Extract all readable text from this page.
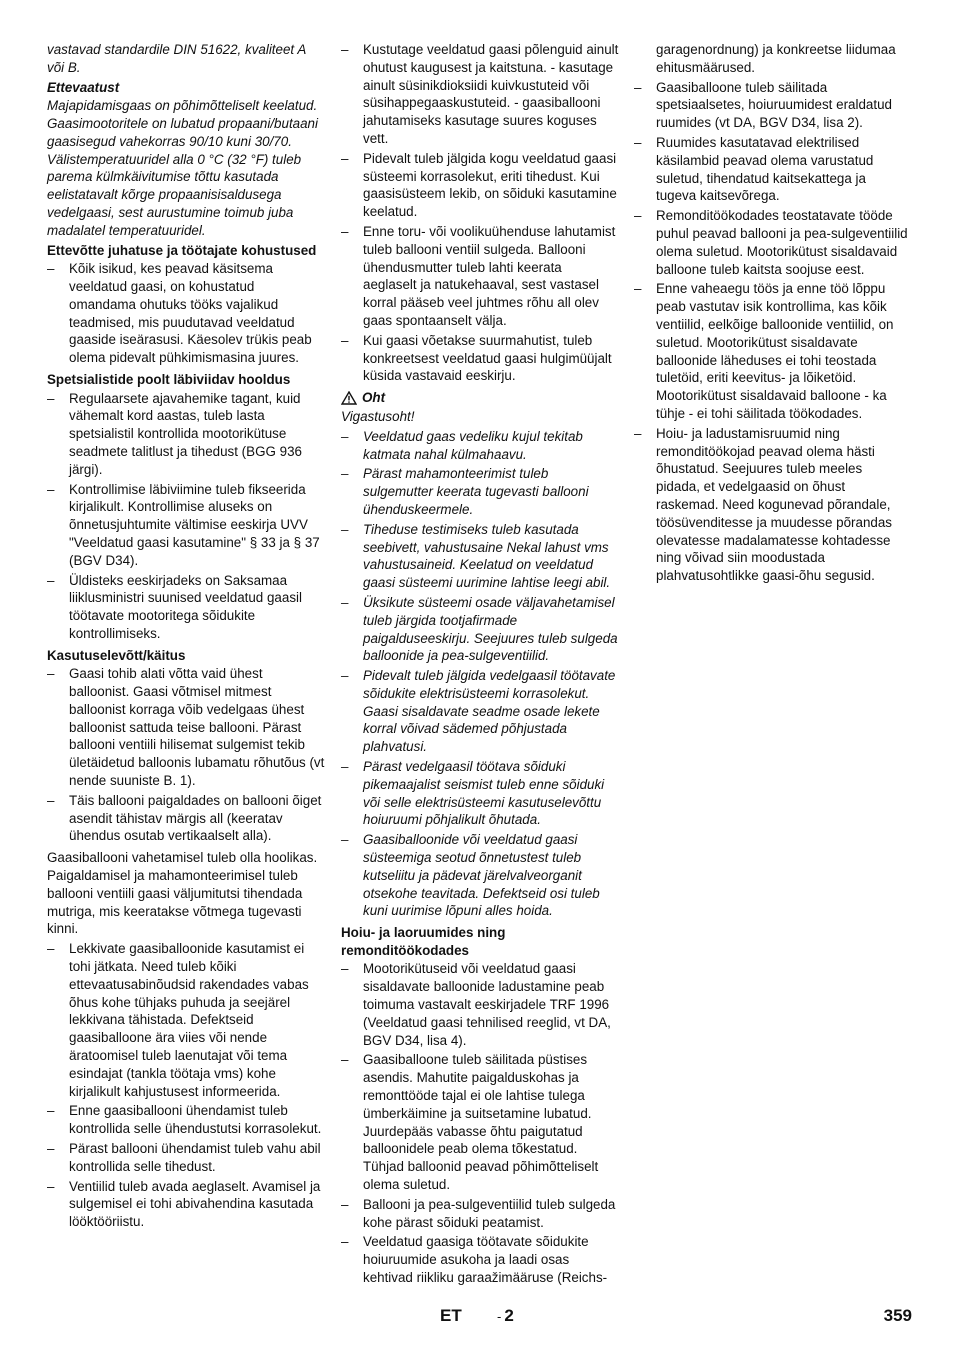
vastavad standardile DIN 51622, kvaliteet A või B.

Ettevaatust

Majapidamisgaas on põhimõtteliselt keelatud. Gaasimootoritele on lubatud propaani/butaani gaasisegud vahekorras 90/10 kuni 30/70. Välistemperatuuridel alla 0 °C (32 °F) tuleb parema külmkäivitumise tõttu kasutada eelistatavalt kõrge propaanisisaldusega vedelgaasi, sest aurustumine toimub juba madalatel temperatuuridel.

Ettevõtte juhatuse ja töötajate kohustused
– Kõik isikud, kes peavad käsitsema veeldatud gaasi, on kohustatud omandama ohutuks tööks vajalikud teadmised, mis puudutavad veeldatud gaaside iseärasusi. Käesolev trükis peab olema pidevalt pühkimismasina juures.
Spetsialistide poolt läbiviidav hooldus
– Regulaarsete ajavahemike tagant, kuid vähemalt kord aastas, tuleb lasta spetsialistil kontrollida mootorikütuse seadmete talitlust ja tihedust (BGG 936 järgi).
– Kontrollimise läbiviimine tuleb fikseerida kirjalikult. Kontrollimise aluseks on õnnetusjuhtumite vältimise eeskirja UVV "Veeldatud gaasi kasutamine" § 33 ja § 37 (BGV D34).
– Üldisteks eeskirjadeks on Saksamaa liiklusministri suunised veeldatud gaasil töötavate mootoritega sõidukite kontrollimiseks.
Kasutuselevõtt/käitus
– Gaasi tohib alati võtta vaid ühest balloonist. Gaasi võtmisel mitmest balloonist korraga võib vedelgaas ühest balloonist sattuda teise ballooni. Pärast ballooni ventiili hilisemat sulgemist tekib ületäidetud balloonis lubamatu rõhutõus (vt nende suuniste B. 1).
– Täis ballooni paigaldades on ballooni õiget asendit tähistav märgis all (keeratav ühendus osutab vertikaalselt alla).

Gaasiballooni vahetamisel tuleb olla hoolikas. Paigaldamisel ja mahamonteerimisel tuleb ballooni ventiili gaasi väljumitutsi tihendada mutriga, mis keeratakse võtmega tugevasti kinni.

– Lekkivate gaasiballoonide kasutamist ei tohi jätkata. Need tuleb kõiki ettevaatusabinõudsid rakendades vabas õhus kohe tühjaks puhuda ja seejärel lekkivana tähistada. Defektseid gaasiballoone ära viies või nende äratoomisel tuleb laenutajat või tema esindajat (tankla töötaja vms) kohe kirjalikult kahjustusest informeerida.
– Enne gaasiballooni ühendamist tuleb kontrollida selle ühendustutsi korrasolekut.
– Pärast ballooni ühendamist tuleb vahu abil kontrollida selle tihedust.
– Ventiilid tuleb avada aeglaselt. Avamisel ja sulgemisel ei tohi abivahendina kasutada lööktööriistu.
– Kustutage veeldatud gaasi põlenguid ainult ohutust kaugusest ja kaitstuna. - kasutage ainult süsinikdioksiidi kuivkustuteid või süsihappegaaskustuteid. - gaasiballooni jahutamiseks kasutage suures koguses vett.
– Pidevalt tuleb jälgida kogu veeldatud gaasi süsteemi korrasolekut, eriti tihedust. Kui gaasisüsteem lekib, on sõiduki kasutamine keelatud.
– Enne toru- või voolikuühenduse lahutamist tuleb ballooni ventiil sulgeda. Ballooni ühendusmutter tuleb lahti keerata aeglaselt ja natukehaaval, sest vastasel korral pääseb veel juhtmes rõhu all olev gaas spontaanselt välja.
– Kui gaasi võetakse suurmahutist, tuleb konkreetsest veeldatud gaasi hulgimüüjalt küsida vastavaid eeskirju.
Oht

Vigastusoht!

– Veeldatud gaas vedeliku kujul tekitab katmata nahal külmahaavu.
– Pärast mahamonteerimist tuleb sulgemutter keerata tugevasti ballooni ühenduskeermele.
– Tiheduse testimiseks tuleb kasutada seebivett, vahustusaine Nekal lahust vms vahustusaineid. Keelatud on veeldatud gaasi süsteemi uurimine lahtise leegi abil.
– Üksikute süsteemi osade väljavahetamisel tuleb järgida tootjafirmade paigalduseeskirju. Seejuures tuleb sulgeda balloonide ja pea-sulgeventiilid.
– Pidevalt tuleb jälgida vedelgaasil töötavate sõidukite elektrisüsteemi korrasolekut. Gaasi sisaldavate seadme osade lekete korral võivad sädemed põhjustada plahvatusi.
– Pärast vedelgaasil töötava sõiduki pikemaajalist seismist tuleb enne sõiduki või selle elektrisüsteemi kasutuselevõttu hoiuruumi põhjalikult õhutada.
– Gaasiballoonide või veeldatud gaasi süsteemiga seotud õnnetustest tuleb kutseliitu ja pädevat järelvalveorganit otsekohe teavitada. Defektseid osi tuleb kuni uurimise lõpuni alles hoida.
Hoiu- ja laoruumides ning remonditöökodades
– Mootorikütuseid või veeldatud gaasi sisaldavate balloonide ladustamine peab toimuma vastavalt eeskirjadele TRF 1996 (Veeldatud gaasi tehnilised reeglid, vt DA, BGV D34, lisa 4).
– Gaasiballoone tuleb säilitada püstises asendis. Mahutite paigalduskohas ja remonttööde tajal ei ole lahtise tulega ümberkäimine ja suitsetamine lubatud. Juurdepääs vabasse õhtu paigutatud balloonidele peab olema tõkestatud. Tühjad balloonid peavad põhimõtteliselt olema suletud.
– Ballooni ja pea-sulgeventiilid tuleb sulgeda kohe pärast sõiduki peatamist.
– Veeldatud gaasiga töötavate sõidukite hoiuruumide asukoha ja laadi osas kehtivad riikliku garaažimääruse (Reichs-

garagenordnung) ja konkreetse liidumaa ehitusmäärused.

– Gaasiballoone tuleb säilitada spetsiaalsetes, hoiuruumidest eraldatud ruumides (vt DA, BGV D34, lisa 2).
– Ruumides kasutatavad elektrilised käsilambid peavad olema varustatud suletud, tihendatud kaitsekattega ja tugeva kaitsevõrega.
– Remonditöökodades teostatavate tööde puhul peavad ballooni ja pea-sulgeventiilid olema suletud. Mootorikütust sisaldavaid balloone tuleb kaitsta soojuse eest.
– Enne vaheaegu töös ja enne töö lõppu peab vastutav isik kontrollima, kas kõik ventiilid, eelkõige balloonide ventiilid, on suletud. Mootorikütust sisaldavate balloonide läheduses ei tohi teostada tuletöid, eriti keevitus- ja lõiketöid. Mootorikütust sisaldavaid balloone - ka tühje - ei tohi säilitada töökodades.
– Hoiu- ja ladustamisruumid ning remonditöökojad peavad olema hästi õhustatud. Seejuures tuleb meeles pidada, et vedelgaasid on õhust raskemad. Need kogunevad põrandale, töösüvenditesse ja muudesse põrandas olevatesse madalamatesse kohtadesse ning võivad siin moodustada plahvatusohtlikke gaasi-õhu segusid.
ET	- 2	359
